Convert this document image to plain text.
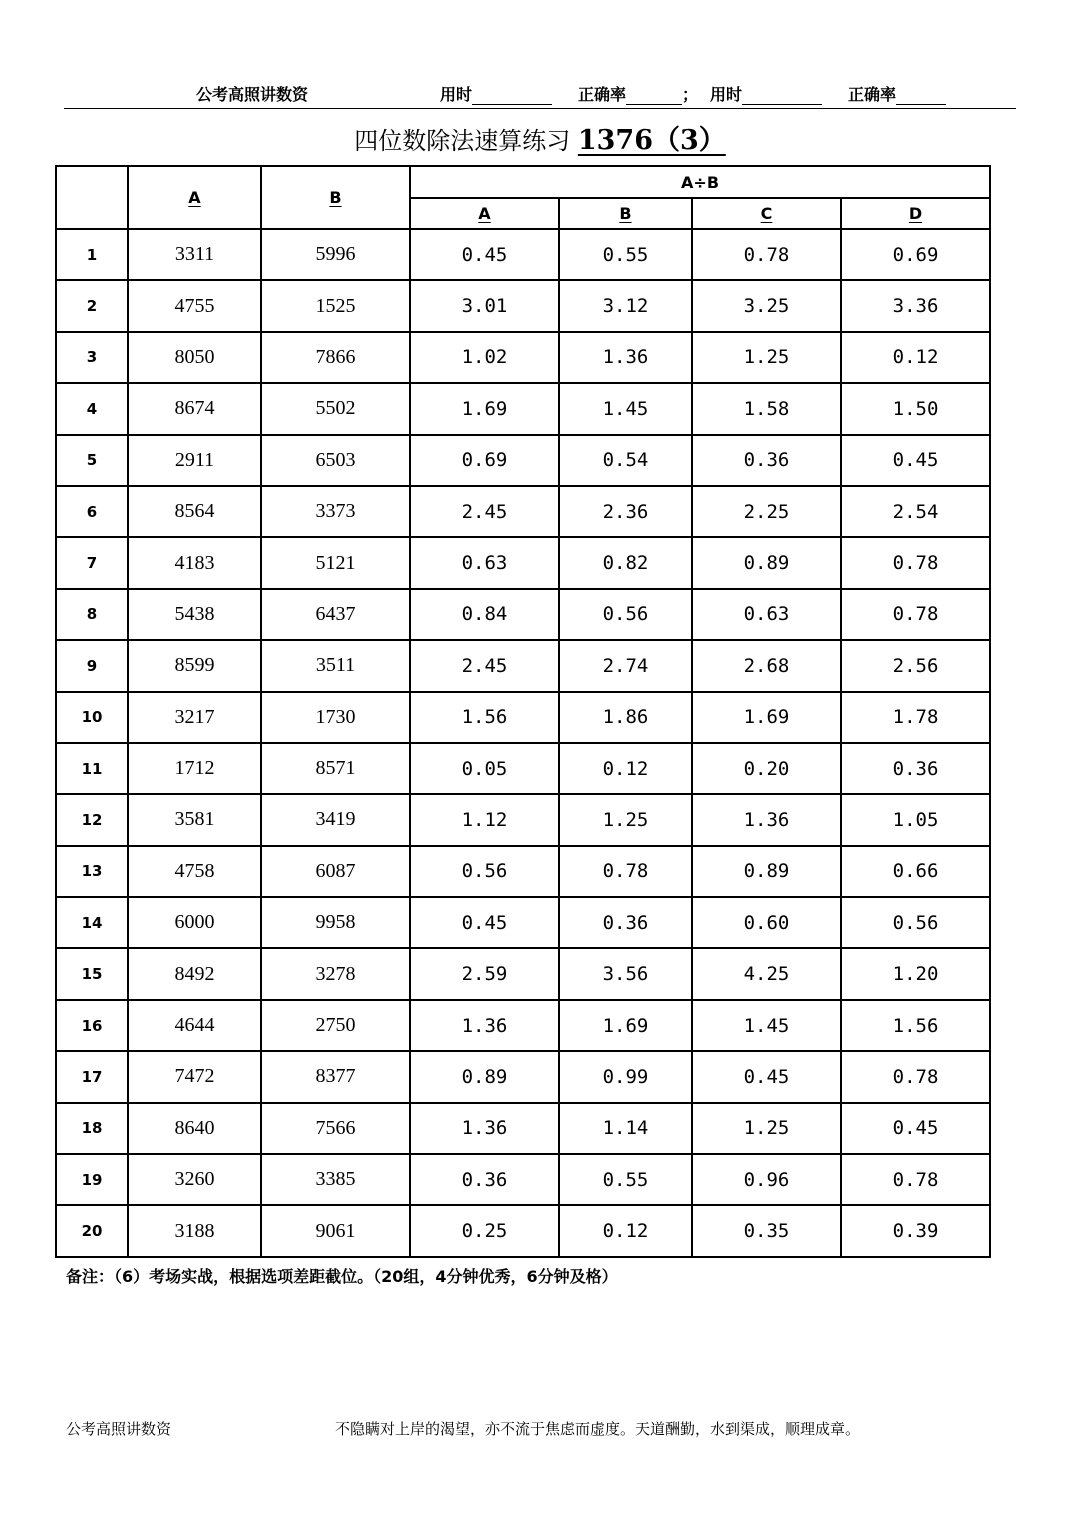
公考高照讲数资	用时	正确率	； 用时	正确率
四位数除法速算练习 1376（3）
	A	B	A÷B			
			A	B	C	D
1	3311	5996	0.45	0.55	0.78	0.69
2	4755	1525	3.01	3.12	3.25	3.36
3	8050	7866	1.02	1.36	1.25	0.12
4	8674	5502	1.69	1.45	1.58	1.50
5	2911	6503	0.69	0.54	0.36	0.45
6	8564	3373	2.45	2.36	2.25	2.54
7	4183	5121	0.63	0.82	0.89	0.78
8	5438	6437	0.84	0.56	0.63	0.78
9	8599	3511	2.45	2.74	2.68	2.56
10	3217	1730	1.56	1.86	1.69	1.78
11	1712	8571	0.05	0.12	0.20	0.36
12	3581	3419	1.12	1.25	1.36	1.05
13	4758	6087	0.56	0.78	0.89	0.66
14	6000	9958	0.45	0.36	0.60	0.56
15	8492	3278	2.59	3.56	4.25	1.20
16	4644	2750	1.36	1.69	1.45	1.56
17	7472	8377	0.89	0.99	0.45	0.78
18	8640	7566	1.36	1.14	1.25	0.45
19	3260	3385	0.36	0.55	0.96	0.78
20	3188	9061	0.25	0.12	0.35	0.39
备注：（6）考场实战，根据选项差距截位。（20组，4分钟优秀，6分钟及格）
公考高照讲数资	不隐瞒对上岸的渴望，亦不流于焦虑而虚度。天道酬勤，水到渠成，顺理成章。
